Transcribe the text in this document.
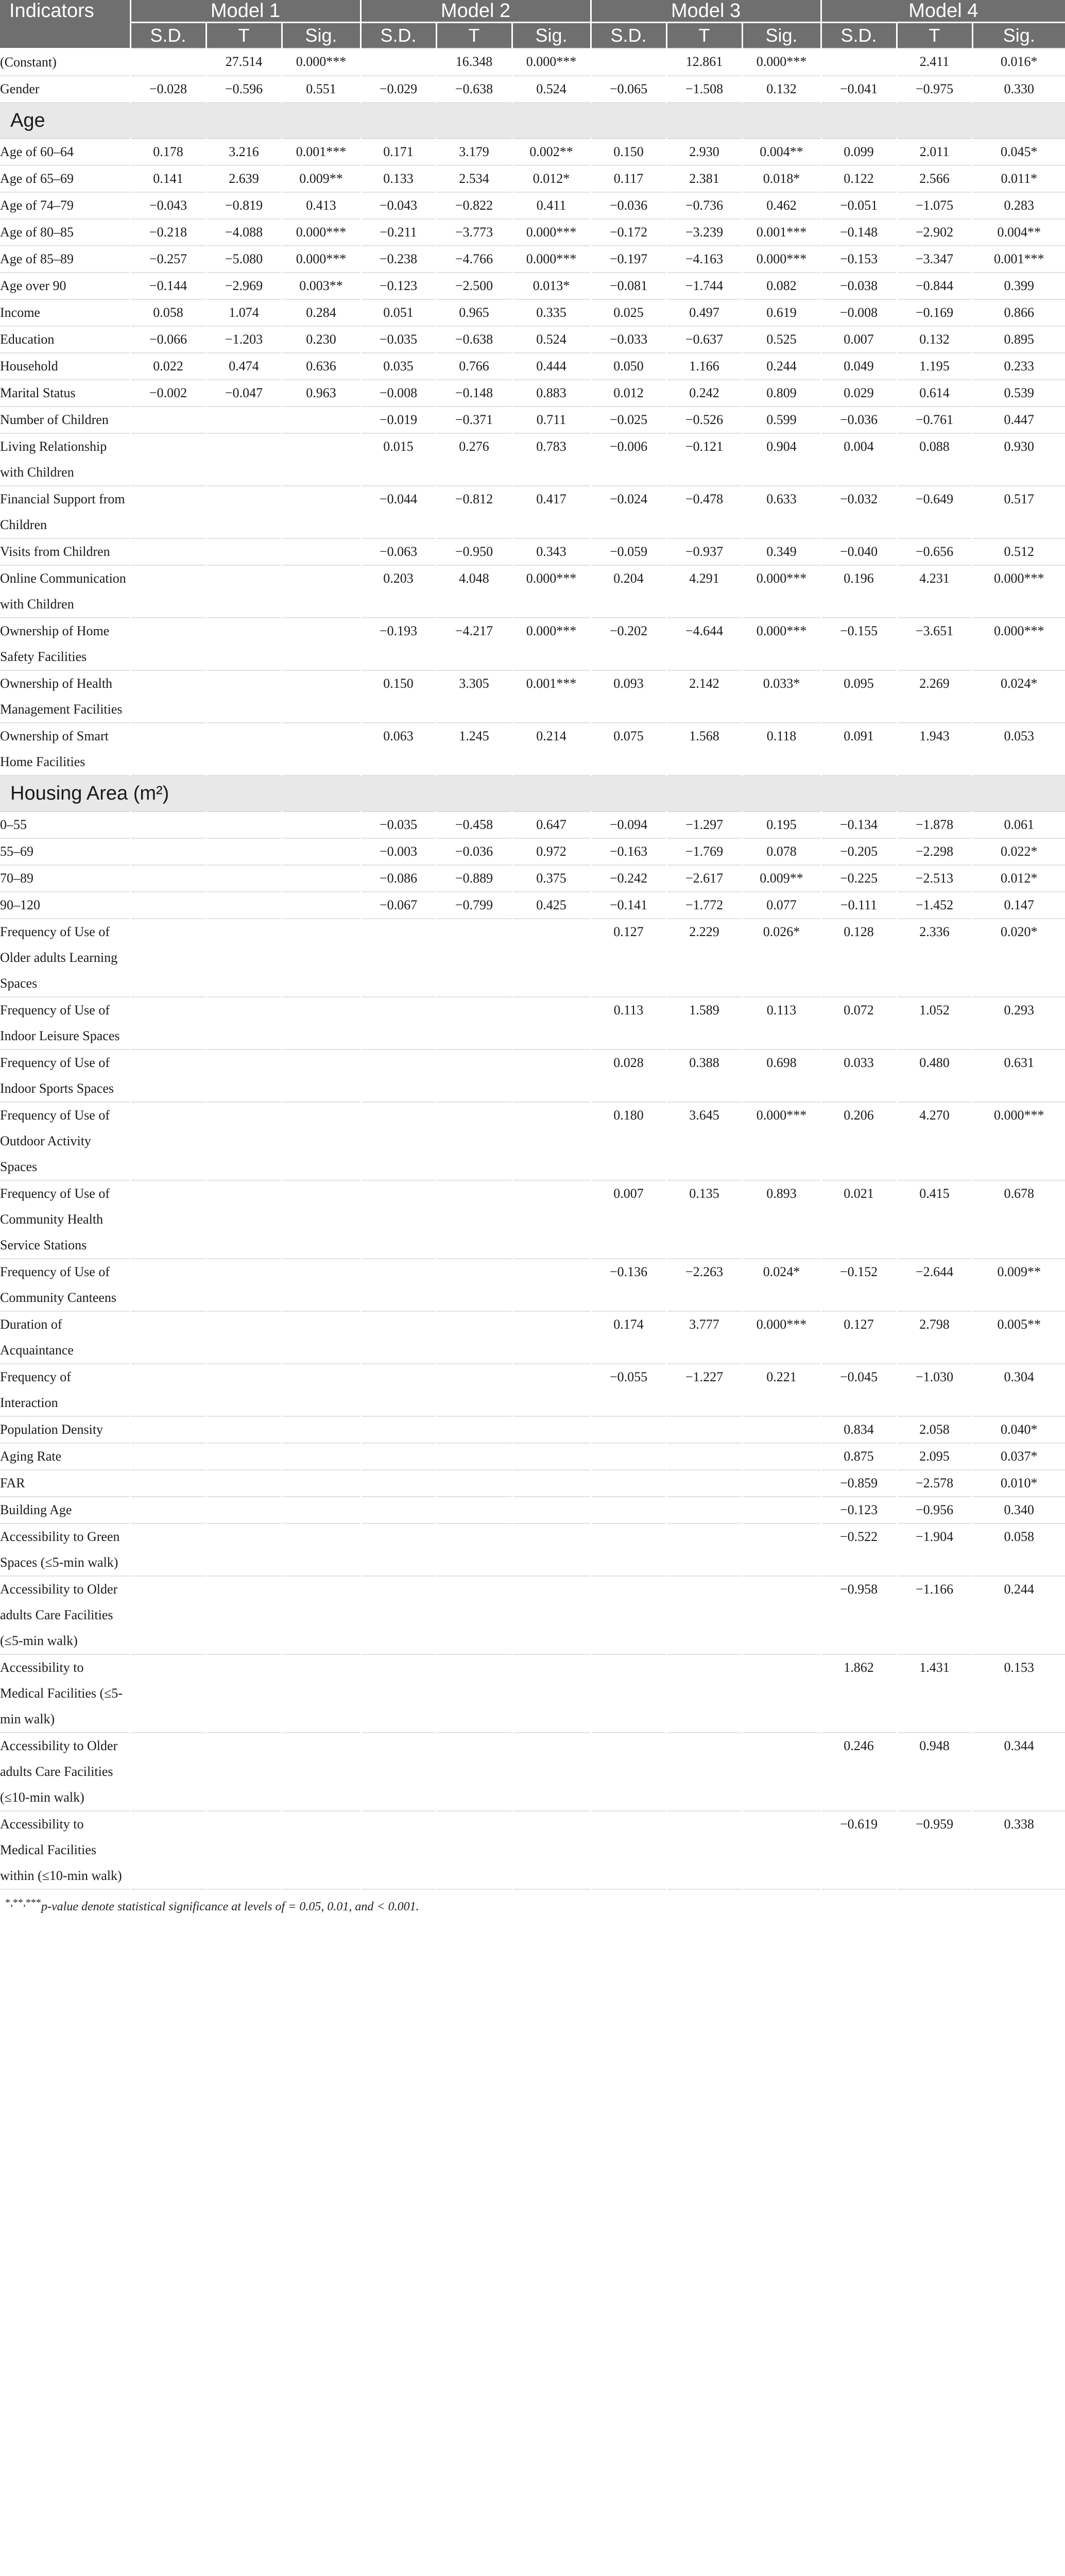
Indicators	Model 1			Model 2			Model 3			Model 4		
	S.D.	T	Sig.	S.D.	T	Sig.	S.D.	T	Sig.	S.D.	T	Sig.
(Constant)		27.514	0.000***		16.348	0.000***		12.861	0.000***		2.411	0.016*
Gender	−0.028	−0.596	0.551	−0.029	−0.638	0.524	−0.065	−1.508	0.132	−0.041	−0.975	0.330
Age												
Age of 60–64	0.178	3.216	0.001***	0.171	3.179	0.002**	0.150	2.930	0.004**	0.099	2.011	0.045*
Age of 65–69	0.141	2.639	0.009**	0.133	2.534	0.012*	0.117	2.381	0.018*	0.122	2.566	0.011*
Age of 74–79	−0.043	−0.819	0.413	−0.043	−0.822	0.411	−0.036	−0.736	0.462	−0.051	−1.075	0.283
Age of 80–85	−0.218	−4.088	0.000***	−0.211	−3.773	0.000***	−0.172	−3.239	0.001***	−0.148	−2.902	0.004**
Age of 85–89	−0.257	−5.080	0.000***	−0.238	−4.766	0.000***	−0.197	−4.163	0.000***	−0.153	−3.347	0.001***
Age over 90	−0.144	−2.969	0.003**	−0.123	−2.500	0.013*	−0.081	−1.744	0.082	−0.038	−0.844	0.399
Income	0.058	1.074	0.284	0.051	0.965	0.335	0.025	0.497	0.619	−0.008	−0.169	0.866
Education	−0.066	−1.203	0.230	−0.035	−0.638	0.524	−0.033	−0.637	0.525	0.007	0.132	0.895
Household	0.022	0.474	0.636	0.035	0.766	0.444	0.050	1.166	0.244	0.049	1.195	0.233
Marital Status	−0.002	−0.047	0.963	−0.008	−0.148	0.883	0.012	0.242	0.809	0.029	0.614	0.539
Number of Children				−0.019	−0.371	0.711	−0.025	−0.526	0.599	−0.036	−0.761	0.447
Living Relationship with Children				0.015	0.276	0.783	−0.006	−0.121	0.904	0.004	0.088	0.930
Financial Support from Children				−0.044	−0.812	0.417	−0.024	−0.478	0.633	−0.032	−0.649	0.517
Visits from Children				−0.063	−0.950	0.343	−0.059	−0.937	0.349	−0.040	−0.656	0.512
Online Communication with Children				0.203	4.048	0.000***	0.204	4.291	0.000***	0.196	4.231	0.000***
Ownership of Home Safety Facilities				−0.193	−4.217	0.000***	−0.202	−4.644	0.000***	−0.155	−3.651	0.000***
Ownership of Health Management Facilities				0.150	3.305	0.001***	0.093	2.142	0.033*	0.095	2.269	0.024*
Ownership of Smart Home Facilities				0.063	1.245	0.214	0.075	1.568	0.118	0.091	1.943	0.053
Housing Area (m²)												
0–55				−0.035	−0.458	0.647	−0.094	−1.297	0.195	−0.134	−1.878	0.061
55–69				−0.003	−0.036	0.972	−0.163	−1.769	0.078	−0.205	−2.298	0.022*
70–89				−0.086	−0.889	0.375	−0.242	−2.617	0.009**	−0.225	−2.513	0.012*
90–120				−0.067	−0.799	0.425	−0.141	−1.772	0.077	−0.111	−1.452	0.147
Frequency of Use of Older adults Learning Spaces							0.127	2.229	0.026*	0.128	2.336	0.020*
Frequency of Use of Indoor Leisure Spaces							0.113	1.589	0.113	0.072	1.052	0.293
Frequency of Use of Indoor Sports Spaces							0.028	0.388	0.698	0.033	0.480	0.631
Frequency of Use of Outdoor Activity Spaces							0.180	3.645	0.000***	0.206	4.270	0.000***
Frequency of Use of Community Health Service Stations							0.007	0.135	0.893	0.021	0.415	0.678
Frequency of Use of Community Canteens							−0.136	−2.263	0.024*	−0.152	−2.644	0.009**
Duration of Acquaintance							0.174	3.777	0.000***	0.127	2.798	0.005**
Frequency of Interaction							−0.055	−1.227	0.221	−0.045	−1.030	0.304
Population Density										0.834	2.058	0.040*
Aging Rate										0.875	2.095	0.037*
FAR										−0.859	−2.578	0.010*
Building Age										−0.123	−0.956	0.340
Accessibility to Green Spaces (≤5-min walk)										−0.522	−1.904	0.058
Accessibility to Older adults Care Facilities (≤5-min walk)										−0.958	−1.166	0.244
Accessibility to Medical Facilities (≤5-min walk)										1.862	1.431	0.153
Accessibility to Older adults Care Facilities (≤10-min walk)										0.246	0.948	0.344
Accessibility to Medical Facilities within (≤10-min walk)										−0.619	−0.959	0.338
*,**,***p-value denote statistical significance at levels of = 0.05, 0.01, and < 0.001.
